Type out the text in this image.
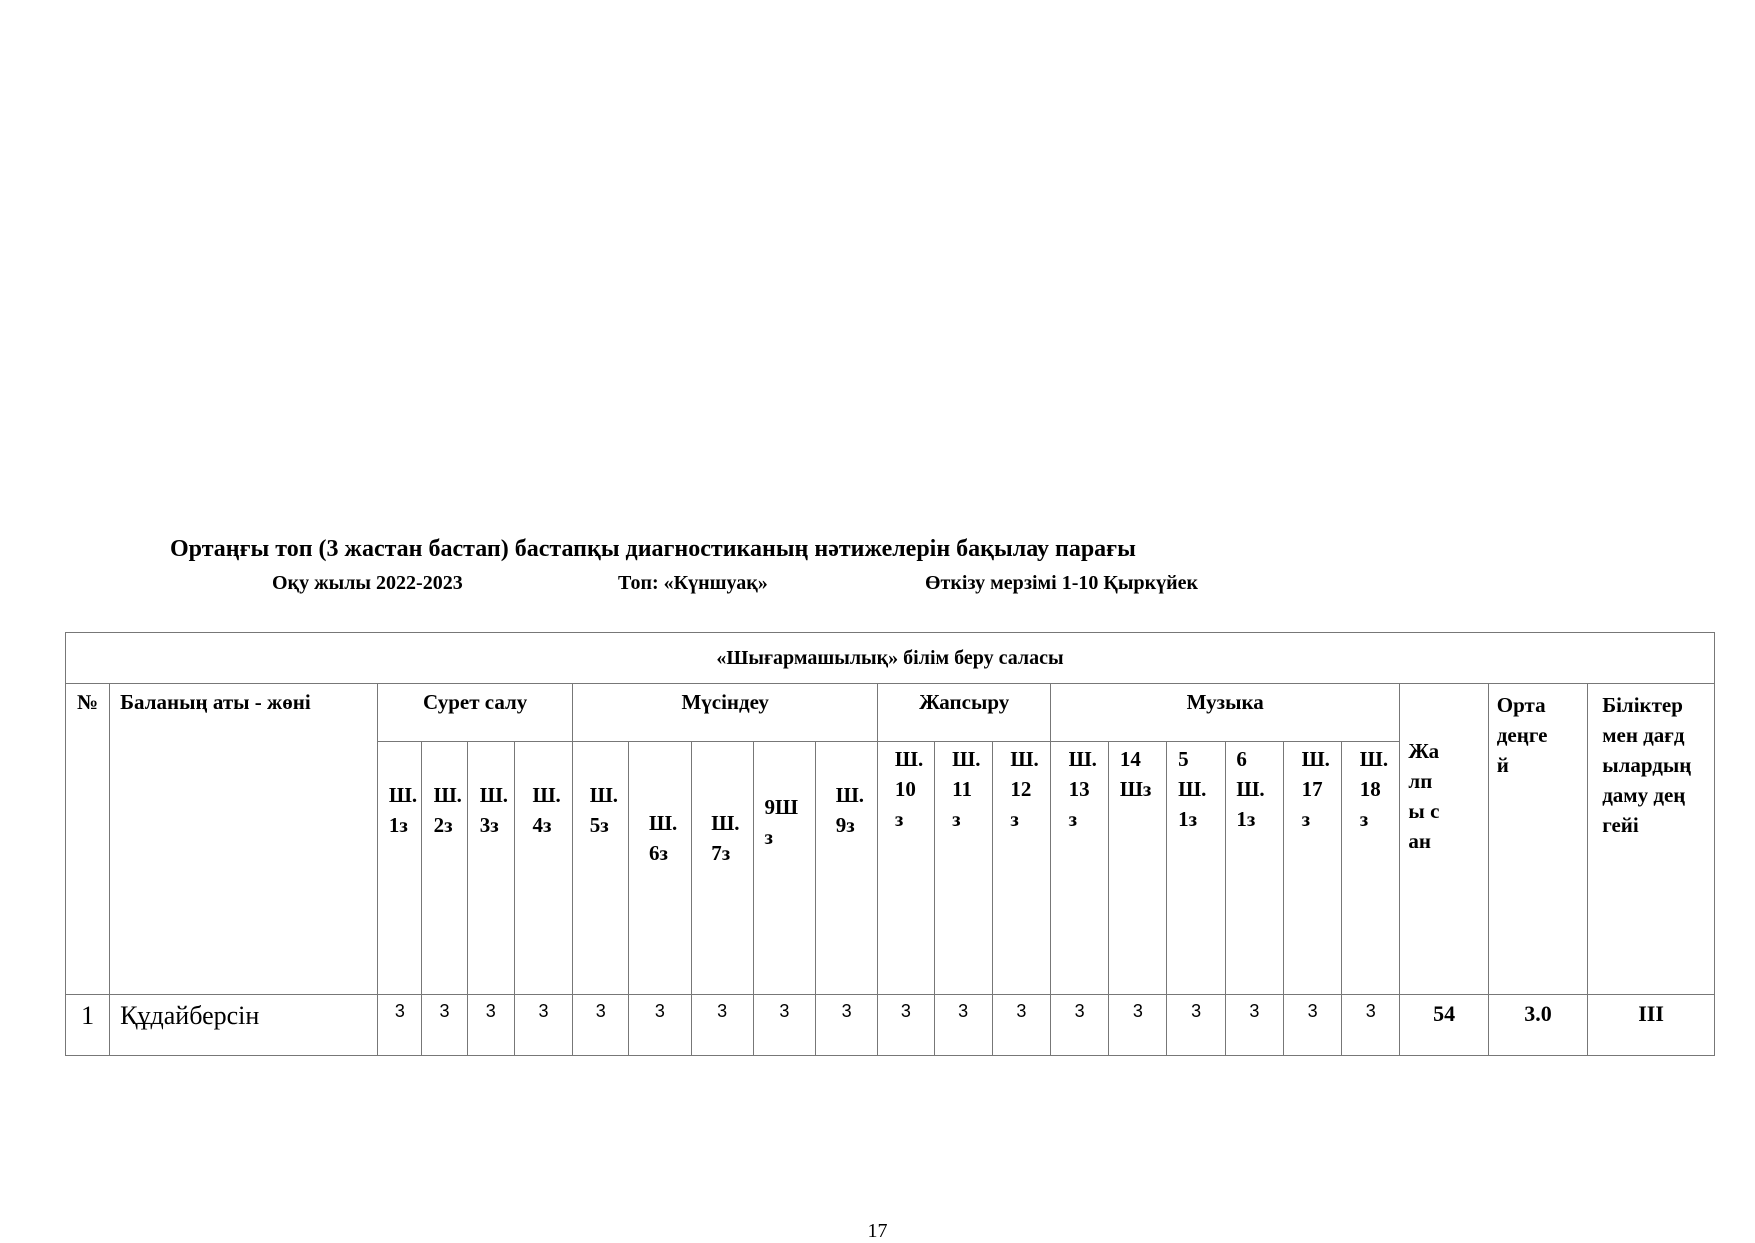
Ортаңғы топ (3 жастан бастап) бастапқы диагностиканың нәтижелерін бақылау парағы
Оқу жылы 2022-2023	Топ: «Күншуақ»	Өткізу мерзімі 1-10 Қыркүйек
«Шығармашылық» білім беру саласы																						
№	Баланың аты - жөні	Сурет салу				Мүсіндеу					Жапсыру			Музыка						Жалпы сан	Орта деңгей	Біліктер мен дағдылардың даму деңгейі

		Ш.1з	Ш.2з	Ш.3з	Ш.4з	Ш.5з	Ш.6з	Ш.7з	9Шз	Ш.9з	Ш.10з	Ш.11з	Ш.12з	Ш.13з	14Шз	5Ш.1з	6Ш.1з	Ш.17з	Ш.18з			

1	Құдайберсін	3	3	3	3	3	3	3	3	3	3	3	3	3	3	3	3	3	3	54	3.0	ІІІ
17
